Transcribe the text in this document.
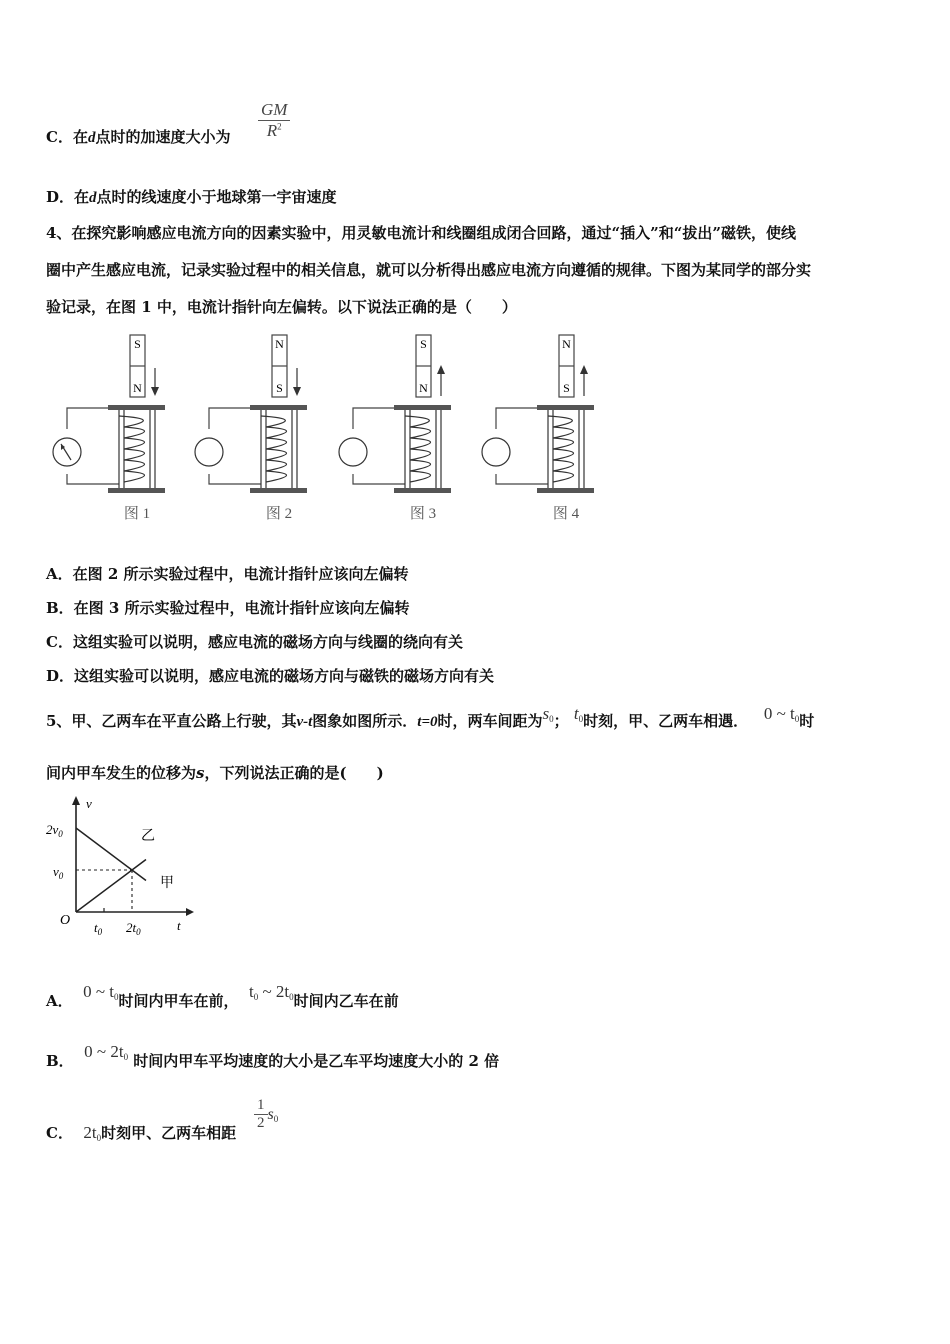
C．在d点时的加速度大小为 $\frac{GM}{R^2}$
D．在d点时的线速度小于地球第一宇宙速度
4、在探究影响感应电流方向的因素实验中，用灵敏电流计和线圈组成闭合回路，通过“插入”和“拔出”磁铁，使线
圈中产生感应电流，记录实验过程中的相关信息，就可以分析得出感应电流方向遵循的规律。下图为某同学的部分实
验记录，在图 1 中，电流计指针向左偏转。以下说法正确的是（　　）
S
N
图 1
N
S
图 2
S
N
图 3
N
S
图 4
A．在图 2 所示实验过程中，电流计指针应该向左偏转
B．在图 3 所示实验过程中，电流计指针应该向左偏转
C．这组实验可以说明，感应电流的磁场方向与线圈的绕向有关
D．这组实验可以说明，感应电流的磁场方向与磁铁的磁场方向有关
5、甲、乙两车在平直公路上行驶，其v-t图象如图所示．t=0时，两车间距为$s_0$； $t_0$时刻，甲、乙两车相遇． 0 ~ $t_0$时
间内甲车发生的位移为s，下列说法正确的是(　　)
v
t
O
$2v_0$
$v_0$
$t_0$ $2t_0$
乙
甲
A． 0 ~ $t_0$时间内甲车在前， $t_0$ ~ $2t_0$时间内乙车在前
B． 0 ~ $2t_0$ 时间内甲车平均速度的大小是乙车平均速度大小的 2 倍
C． $2t_0$时刻甲、乙两车相距
$\frac{1}{2} s_0$
